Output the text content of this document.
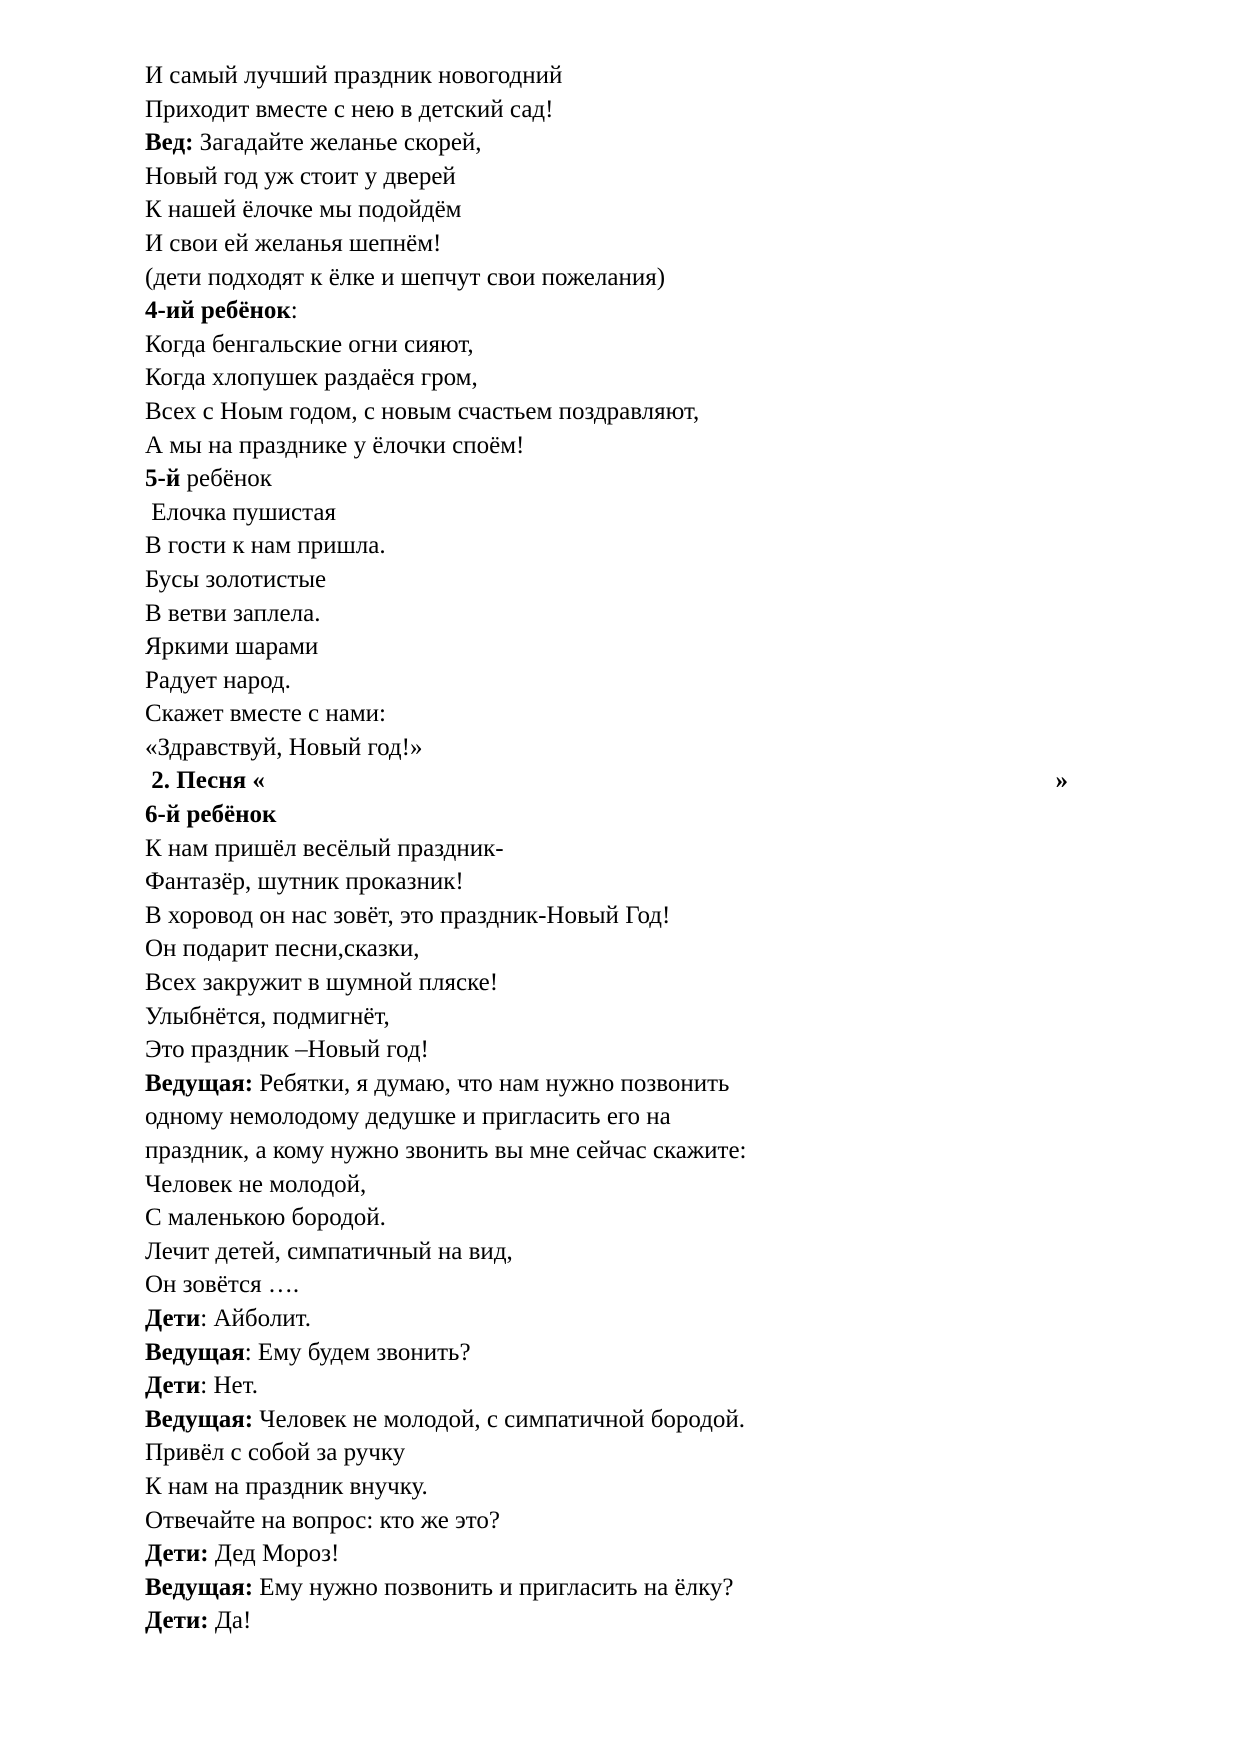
И самый лучший праздник новогодний
Приходит вместе с нею в детский сад!
Вед: Загадайте желанье скорей,
Новый год уж стоит у дверей
К нашей ёлочке мы подойдём
И свои ей желанья шепнём!
(дети подходят к ёлке и шепчут свои пожелания)
4-ий ребёнок:
Когда бенгальские огни сияют,
Когда хлопушек раздаёся гром,
Всех с Ноым годом, с новым счастьем поздравляют,
А мы на празднике у ёлочки споём!
5-й ребёнок
Елочка пушистая
В гости к нам пришла.
Бусы золотистые
В ветви заплела.
Яркими шарами
Радует народ.
Скажет вместе с нами:
«Здравствуй, Новый год!»
2. Песня «	»
6-й ребёнок
К нам пришёл весёлый праздник-
Фантазёр, шутник проказник!
В хоровод он нас зовёт, это праздник-Новый Год!
Он подарит песни,сказки,
Всех закружит в шумной пляске!
Улыбнётся, подмигнёт,
Это праздник –Новый год!
Ведущая: Ребятки, я думаю, что нам нужно позвонить
одному немолодому дедушке и пригласить его на
праздник, а кому нужно звонить вы мне сейчас скажите:
Человек не молодой,
С маленькою бородой.
Лечит детей, симпатичный на вид,
Он зовётся ….
Дети: Айболит.
Ведущая: Ему будем звонить?
Дети: Нет.
Ведущая: Человек не молодой, с симпатичной бородой.
Привёл с собой за ручку
К нам на праздник внучку.
Отвечайте на вопрос: кто же это?
Дети: Дед Мороз!
Ведущая: Ему нужно позвонить и пригласить на ёлку?
Дети: Да!
